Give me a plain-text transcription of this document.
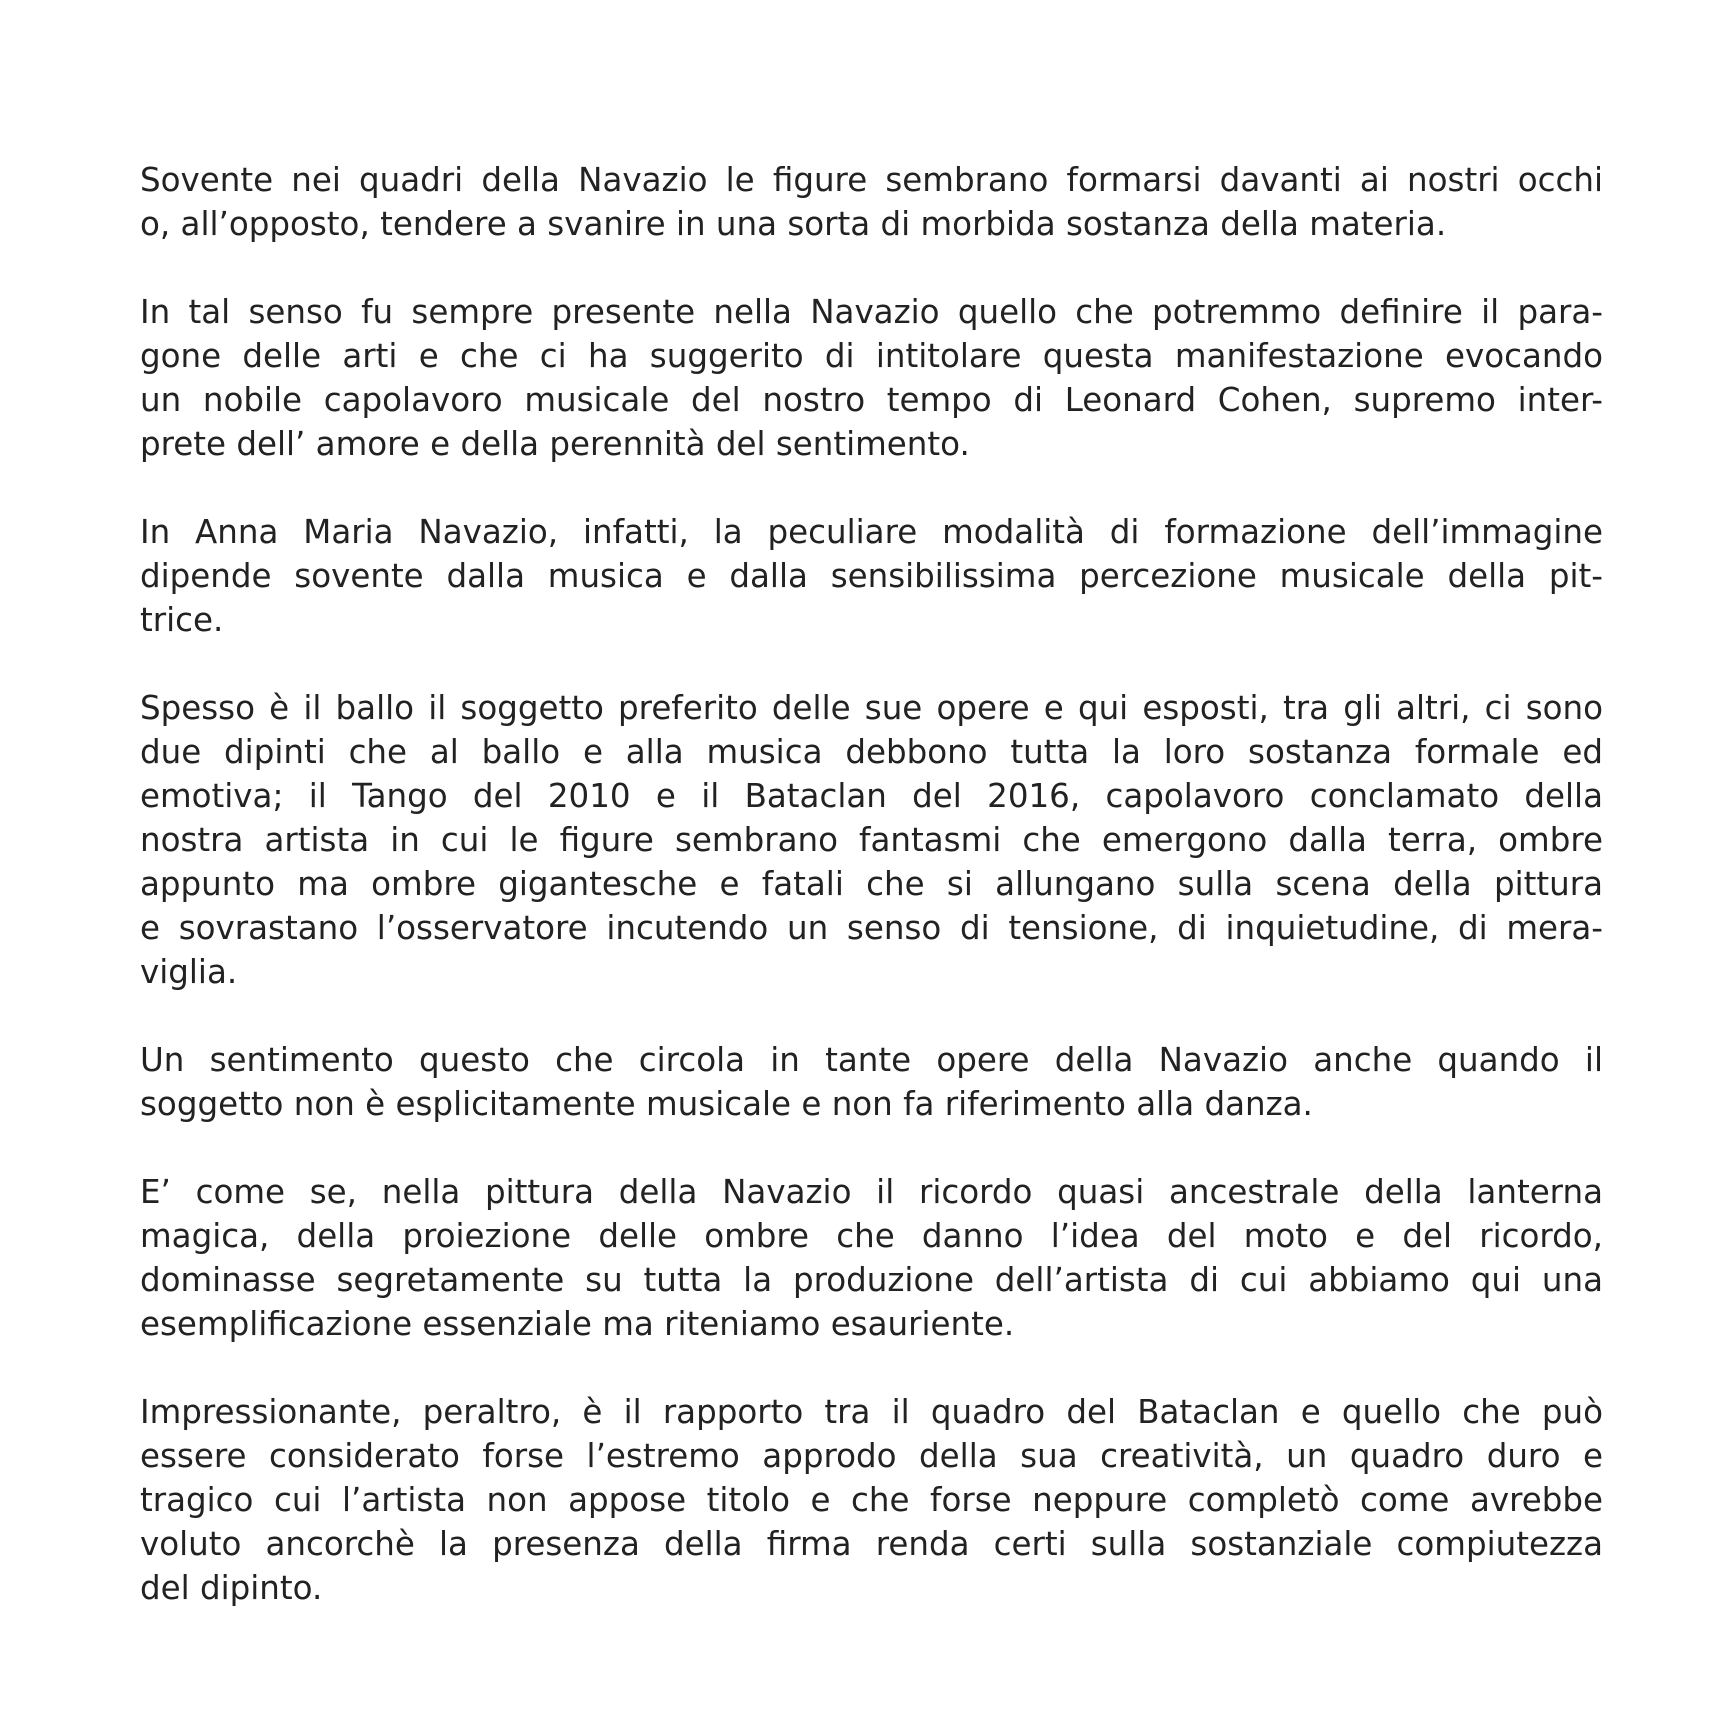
Sovente nei quadri della Navazio le figure sembrano formarsi davanti ai nostri occhi
o, all’opposto, tendere a svanire in una sorta di morbida sostanza della materia.

In tal senso fu sempre presente nella Navazio quello che potremmo definire il para-
gone delle arti e che ci ha suggerito di intitolare questa manifestazione evocando
un nobile capolavoro musicale del nostro tempo di Leonard Cohen, supremo inter-
prete dell’ amore e della perennità del sentimento.

In Anna Maria Navazio, infatti, la peculiare modalità di formazione dell’immagine
dipende sovente dalla musica e dalla sensibilissima percezione musicale della pit-
trice.

Spesso è il ballo il soggetto preferito delle sue opere e qui esposti, tra gli altri, ci sono
due dipinti che al ballo e alla musica debbono tutta la loro sostanza formale ed
emotiva; il Tango del 2010 e il Bataclan del 2016, capolavoro conclamato della
nostra artista in cui le figure sembrano fantasmi che emergono dalla terra, ombre
appunto ma ombre gigantesche e fatali che si allungano sulla scena della pittura
e sovrastano l’osservatore incutendo un senso di tensione, di inquietudine, di mera-
viglia.

Un sentimento questo che circola in tante opere della Navazio anche quando il
soggetto non è esplicitamente musicale e non fa riferimento alla danza.

E’ come se, nella pittura della Navazio il ricordo quasi ancestrale della lanterna
magica, della proiezione delle ombre che danno l’idea del moto e del ricordo,
dominasse segretamente su tutta la produzione dell’artista di cui abbiamo qui una
esemplificazione essenziale ma riteniamo esauriente.

Impressionante, peraltro, è il rapporto tra il quadro del Bataclan e quello che può
essere considerato forse l’estremo approdo della sua creatività, un quadro duro e
tragico cui l’artista non appose titolo e che forse neppure completò come avrebbe
voluto ancorchè la presenza della firma renda certi sulla sostanziale compiutezza
del dipinto.
